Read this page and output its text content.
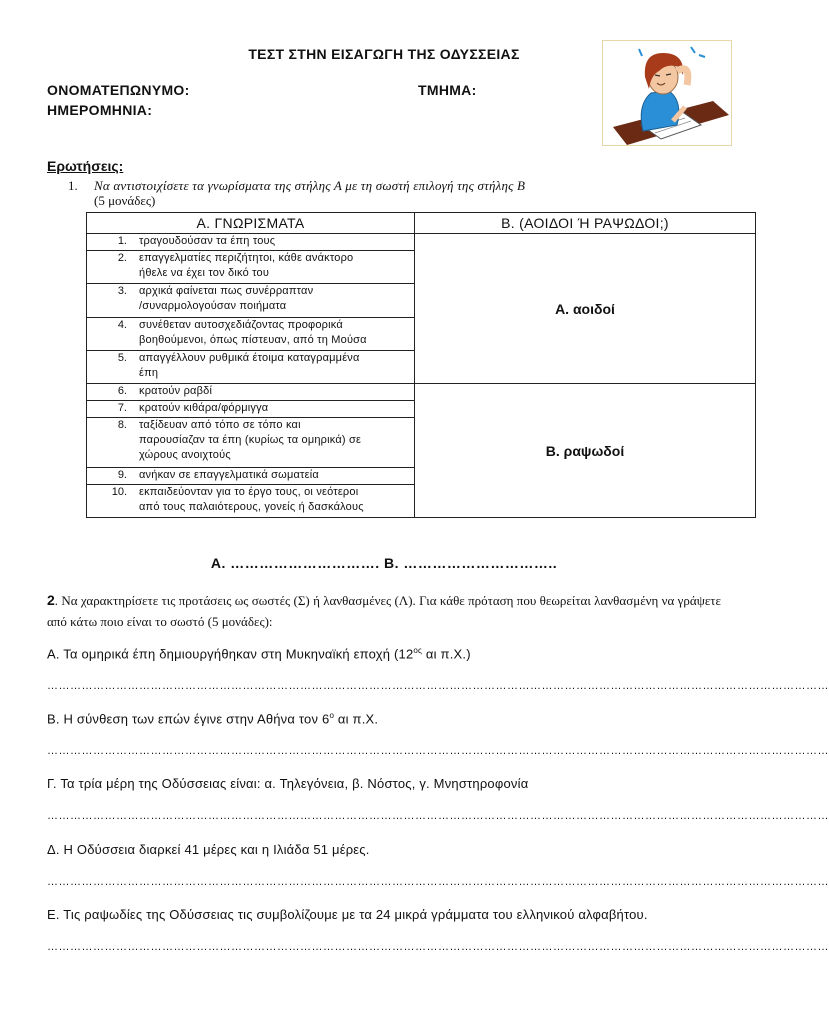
ΤΕΣΤ ΣΤΗΝ ΕΙΣΑΓΩΓΗ ΤΗΣ ΟΔΥΣΣΕΙΑΣ
ΟΝΟΜΑΤΕΠΩΝΥΜΟ:	ΤΜΗΜΑ:
ΗΜΕΡΟΜΗΝΙΑ:
Ερωτήσεις:
1. Να αντιστοιχίσετε τα γνωρίσματα της στήλης Α με τη σωστή επιλογή της στήλης Β
(5 μονάδες)
Α. ΓΝΩΡΙΣΜΑΤΑ	Β. (ΑΟΙΔΟΙ Ή ΡΑΨΩΔΟΙ;)

1. τραγουδούσαν τα έπη τους	Α. αοιδοί

2. επαγγελματίες περιζήτητοι, κάθε ανάκτορο
ήθελε να έχει τον δικό του	

3. αρχικά φαίνεται πως συνέρραπταν
/συναρμολογούσαν ποιήματα	

4. συνέθεταν αυτοσχεδιάζοντας προφορικά
βοηθούμενοι, όπως πίστευαν, από τη Μούσα	

5. απαγγέλλουν ρυθμικά έτοιμα καταγραμμένα
έπη	

6. κρατούν ραβδί	Β. ραψωδοί

7. κρατούν κιθάρα/φόρμιγγα	

8. ταξίδευαν από τόπο σε τόπο και
παρουσίαζαν τα έπη (κυρίως τα ομηρικά) σε
χώρους ανοιχτούς	

9. ανήκαν σε επαγγελματικά σωματεία	

10. εκπαιδεύονταν για το έργο τους, οι νεότεροι
από τους παλαιότερους, γονείς ή δασκάλους	
Α. …………………………. Β. …………………………..
2. Να χαρακτηρίσετε τις προτάσεις ως σωστές (Σ) ή λανθασμένες (Λ). Για κάθε πρόταση που θεωρείται λανθασμένη να γράψετε από κάτω ποιο είναι το σωστό (5 μονάδες):
Α. Τα ομηρικά έπη δημιουργήθηκαν στη Μυκηναϊκή εποχή ($12^{o\varsigma}$ αι π.Χ.)
……………………………………………………………………………………………………………………………………………………………………………………
Β. Η σύνθεση των επών έγινε στην Αθήνα τον $6^o$ αι π.Χ.
……………………………………………………………………………………………………………………………………………………………………………………
Γ. Τα τρία μέρη της Οδύσσειας είναι: α. Τηλεγόνεια, β. Νόστος, γ. Μνηστηροφονία
……………………………………………………………………………………………………………………………………………………………………………………
Δ. Η Οδύσσεια διαρκεί 41 μέρες και η Ιλιάδα 51 μέρες.
……………………………………………………………………………………………………………………………………………………………………………………
Ε. Τις ραψωδίες της Οδύσσειας τις συμβολίζουμε με τα 24 μικρά γράμματα του ελληνικού αλφαβήτου.
……………………………………………………………………………………………………………………………………………………………………………………
